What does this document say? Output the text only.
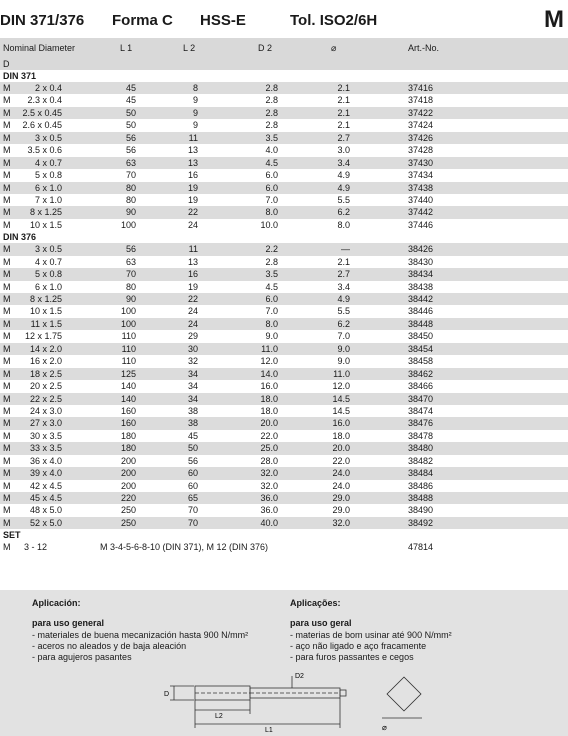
DIN 371/376 Forma C HSS-E	Tol. ISO2/6H	M
Nominal Diameter
D
L 1	L 2	D 2	⌀	Art.-No.
DIN 371
M	2 x 0.4	45	8	2.8	2.1	37416
M	2.3 x 0.4	45	9	2.8	2.1	37418
M 2.5 x 0.45	50	9	2.8	2.1	37422
M 2.6 x 0.45	50	9	2.8	2.1	37424
M	3 x 0.5	56	11	3.5	2.7	37426
M	3.5 x 0.6	56	13	4.0	3.0	37428
M	4 x 0.7	63	13	4.5	3.4	37430
M	5 x 0.8	70	16	6.0	4.9	37434
M	6 x 1.0	80	19	6.0	4.9	37438
M	7 x 1.0	80	19	7.0	5.5	37440
M	8 x 1.25	90	22	8.0	6.2	37442
M	10 x 1.5	100	24	10.0	8.0	37446
DIN 376
M	3 x 0.5	56	11	2.2	—	38426
M	4 x 0.7	63	13	2.8	2.1	38430
M	5 x 0.8	70	16	3.5	2.7	38434
M	6 x 1.0	80	19	4.5	3.4	38438
M	8 x 1.25	90	22	6.0	4.9	38442
M	10 x 1.5	100	24	7.0	5.5	38446
M	11 x 1.5	100	24	8.0	6.2	38448
M	12 x 1.75	110	29	9.0	7.0	38450
M	14 x 2.0	110	30	11.0	9.0	38454
M	16 x 2.0	110	32	12.0	9.0	38458
M	18 x 2.5	125	34	14.0	11.0	38462
M	20 x 2.5	140	34	16.0	12.0	38466
M	22 x 2.5	140	34	18.0	14.5	38470
M	24 x 3.0	160	38	18.0	14.5	38474
M	27 x 3.0	160	38	20.0	16.0	38476
M	30 x 3.5	180	45	22.0	18.0	38478
M	33 x 3.5	180	50	25.0	20.0	38480
M	36 x 4.0	200	56	28.0	22.0	38482
M	39 x 4.0	200	60	32.0	24.0	38484
M	42 x 4.5	200	60	32.0	24.0	38486
M	45 x 4.5	220	65	36.0	29.0	38488
M	48 x 5.0	250	70	36.0	29.0	38490
M	52 x 5.0	250	70	40.0	32.0	38492
SET
M 3 - 12	M 3-4-5-6-8-10 (DIN 371), M 12 (DIN 376)	47814
Aplicación:
para uso general
- materiales de buena mecanización hasta 900 N/mm²
- aceros no aleados y de baja aleación
- para agujeros pasantes
Aplicações:
para uso geral
- materias de bom usinar até 900 N/mm²
- aço não ligado e aço fracamente
- para furos passantes e cegos
D
D2
L2
L1	⌀
